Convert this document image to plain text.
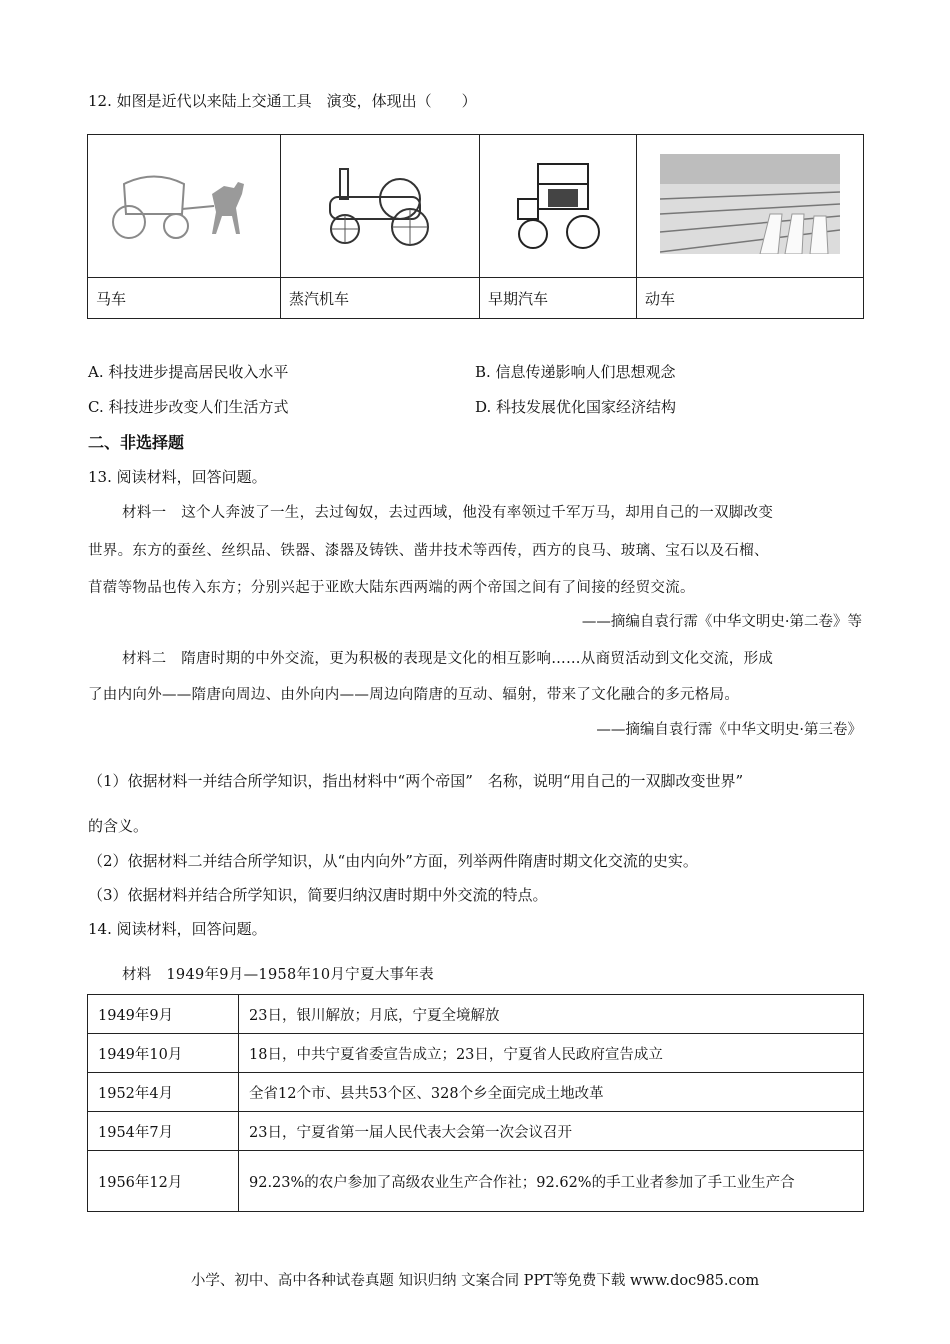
12. 如图是近代以来陆上交通工具　演变，体现出（　　）

马车	蒸汽机车	早期汽车	动车
A. 科技进步提高居民收入水平	B. 信息传递影响人们思想观念
C. 科技进步改变人们生活方式	D. 科技发展优化国家经济结构
二、非选择题
13. 阅读材料，回答问题。
材料一　这个人奔波了一生，去过匈奴，去过西域，他没有率领过千军万马，却用自己的一双脚改变
世界。东方的蚕丝、丝织品、铁器、漆器及铸铁、凿井技术等西传，西方的良马、玻璃、宝石以及石榴、
苜蓿等物品也传入东方；分别兴起于亚欧大陆东西两端的两个帝国之间有了间接的经贸交流。
——摘编自袁行霈《中华文明史·第二卷》等
材料二　隋唐时期的中外交流，更为积极的表现是文化的相互影响……从商贸活动到文化交流，形成
了由内向外——隋唐向周边、由外向内——周边向隋唐的互动、辐射，带来了文化融合的多元格局。
——摘编自袁行霈《中华文明史·第三卷》
（1）依据材料一并结合所学知识，指出材料中“两个帝国”　名称，说明“用自己的一双脚改变世界”
的含义。
（2）依据材料二并结合所学知识，从“由内向外”方面，列举两件隋唐时期文化交流的史实。
（3）依据材料并结合所学知识，简要归纳汉唐时期中外交流的特点。
14. 阅读材料，回答问题。
材料　1949年9月—1958年10月宁夏大事年表
1949年9月	23日，银川解放；月底，宁夏全境解放
1949年10月	18日，中共宁夏省委宣告成立；23日，宁夏省人民政府宣告成立
1952年4月	全省12个市、县共53个区、328个乡全面完成土地改革
1954年7月	23日，宁夏省第一届人民代表大会第一次会议召开
1956年12月	92.23%的农户参加了高级农业生产合作社；92.62%的手工业者参加了手工业生产合
小学、初中、高中各种试卷真题 知识归纳 文案合同 PPT等免费下载 www.doc985.com
